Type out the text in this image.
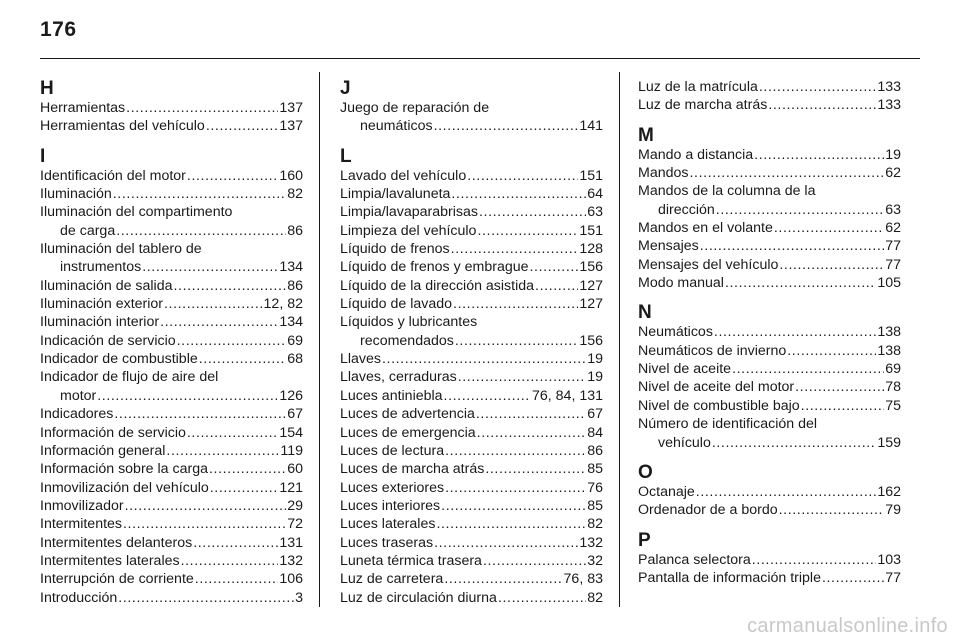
176
H
Herramientas .....	137
Herramientas del vehículo .....	137
I
Identificación del motor .....	160
Iluminación .....	82
Iluminación del compartimento
de carga .....	86
Iluminación del tablero de
instrumentos .....	134
Iluminación de salida .....	86
Iluminación exterior .....	12, 82
Iluminación interior .....	134
Indicación de servicio .....	69
Indicador de combustible .....	68
Indicador de flujo de aire del
motor .....	126
Indicadores .....	67
Información de servicio .....	154
Información general .....	119
Información sobre la carga .....	60
Inmovilización del vehículo .....	121
Inmovilizador .....	29
Intermitentes .....	72
Intermitentes delanteros .....	131
Intermitentes laterales .....	132
Interrupción de corriente .....	106
Introducción .....	3
J
Juego de reparación de
neumáticos .....	141
L
Lavado del vehículo .....	151
Limpia/lavaluneta .....	64
Limpia/lavaparabrisas .....	63
Limpieza del vehículo .....	151
Líquido de frenos .....	128
Líquido de frenos y embrague .....	156
Líquido de la dirección asistida .....	127
Líquido de lavado .....	127
Líquidos y lubricantes
recomendados .....	156
Llaves .....	19
Llaves, cerraduras .....	19
Luces antiniebla .....	76, 84, 131
Luces de advertencia .....	67
Luces de emergencia .....	84
Luces de lectura .....	86
Luces de marcha atrás .....	85
Luces exteriores .....	76
Luces interiores .....	85
Luces laterales .....	82
Luces traseras .....	132
Luneta térmica trasera .....	32
Luz de carretera .....	76, 83
Luz de circulación diurna .....	82
Luz de la matrícula .....	133
Luz de marcha atrás .....	133
M
Mando a distancia .....	19
Mandos .....	62
Mandos de la columna de la
dirección .....	63
Mandos en el volante .....	62
Mensajes .....	77
Mensajes del vehículo .....	77
Modo manual .....	105
N
Neumáticos .....	138
Neumáticos de invierno .....	138
Nivel de aceite .....	69
Nivel de aceite del motor .....	78
Nivel de combustible bajo .....	75
Número de identificación del
vehículo .....	159
O
Octanaje .....	162
Ordenador de a bordo .....	79
P
Palanca selectora .....	103
Pantalla de información triple .....	77
carmanualsonline.info
